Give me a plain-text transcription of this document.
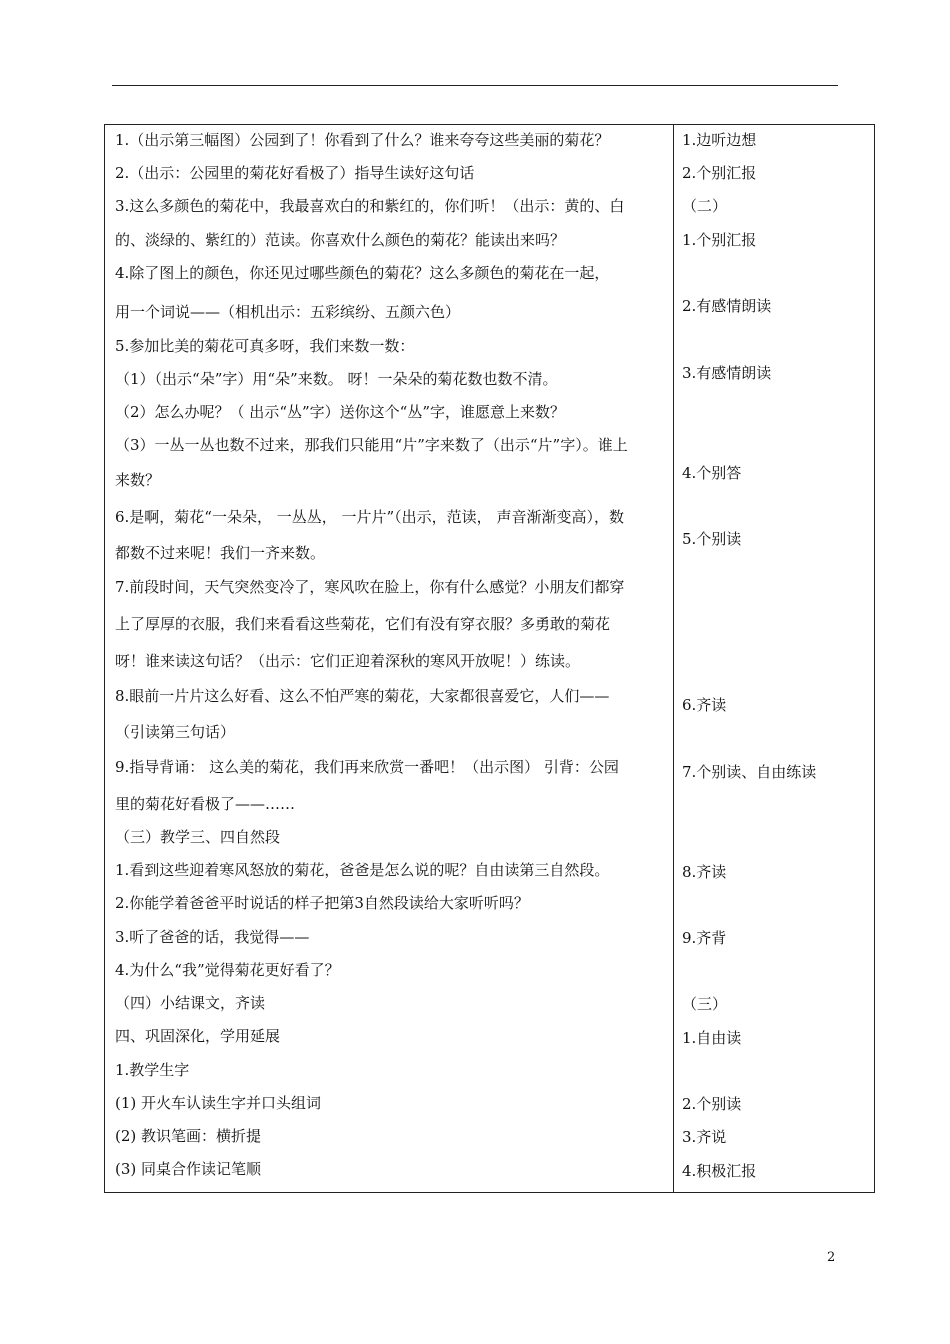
1.（出示第三幅图）公园到了！你看到了什么？谁来夸夸这些美丽的菊花？
2.（出示：公园里的菊花好看极了）指导生读好这句话
3.这么多颜色的菊花中，我最喜欢白的和紫红的，你们听！（出示：黄的、白
的、淡绿的、紫红的）范读。你喜欢什么颜色的菊花？能读出来吗？
4.除了图上的颜色，你还见过哪些颜色的菊花？这么多颜色的菊花在一起，
用一个词说——（相机出示：五彩缤纷、五颜六色）
5.参加比美的菊花可真多呀，我们来数一数：
（1）（出示“朵”字）用“朵”来数。 呀！一朵朵的菊花数也数不清。
（2）怎么办呢？（ 出示“丛”字）送你这个“丛”字，谁愿意上来数？
（3）一丛一丛也数不过来，那我们只能用“片”字来数了（出示“片”字）。谁上
来数？
6.是啊，菊花“一朵朵， 一丛丛， 一片片”（出示，范读， 声音渐渐变高），数
都数不过来呢！我们一齐来数。
7.前段时间，天气突然变冷了，寒风吹在脸上，你有什么感觉？小朋友们都穿
上了厚厚的衣服，我们来看看这些菊花，它们有没有穿衣服？多勇敢的菊花
呀！谁来读这句话？（出示：它们正迎着深秋的寒风开放呢！）练读。
8.眼前一片片这么好看、这么不怕严寒的菊花，大家都很喜爱它，人们——
（引读第三句话）
9.指导背诵： 这么美的菊花，我们再来欣赏一番吧！（出示图） 引背：公园
里的菊花好看极了——……
（三）教学三、四自然段
1.看到这些迎着寒风怒放的菊花，爸爸是怎么说的呢？自由读第三自然段。
2.你能学着爸爸平时说话的样子把第3自然段读给大家听听吗？
3.听了爸爸的话，我觉得——
4.为什么“我”觉得菊花更好看了？
（四）小结课文，齐读
四、巩固深化，学用延展
1.教学生字
(1) 开火车认读生字并口头组词
(2) 教识笔画：横折提
(3) 同桌合作读记笔顺
1.边听边想
2.个别汇报
（二）
1.个别汇报
2.有感情朗读
3.有感情朗读
4.个别答
5.个别读
6.齐读
7.个别读、自由练读
8.齐读
9.齐背
（三）
1.自由读
2.个别读
3.齐说
4.积极汇报
2
